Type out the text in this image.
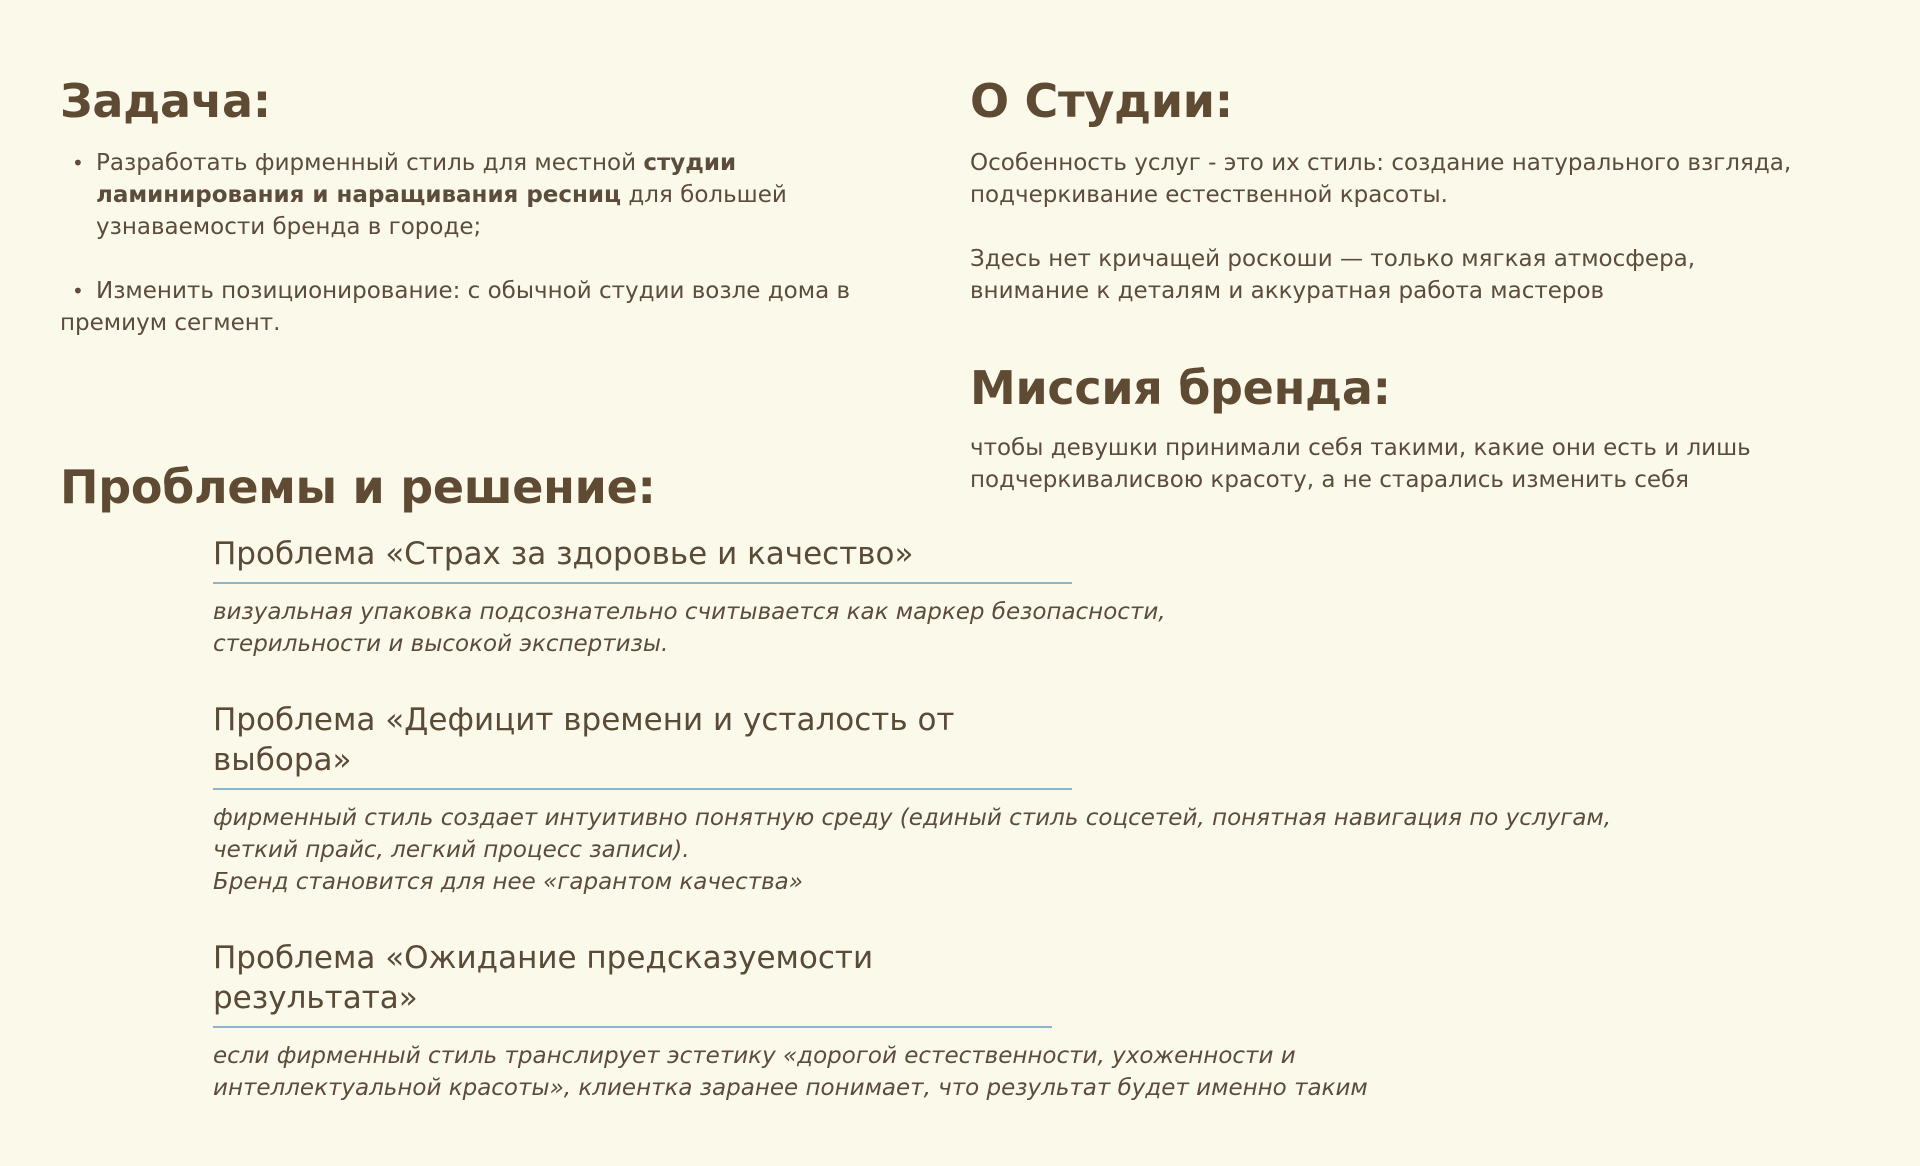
Задача:
• Разработать фирменный стиль для местной студии ламинирования и наращивания ресниц для большей узнаваемости бренда в городе;
• Изменить позиционирование: с обычной студии возле дома в премиум сегмент.
О Студии:

Особенность услуг - это их стиль: создание натурального взгляда, подчеркивание естественной красоты.

Здесь нет кричащей роскоши — только мягкая атмосфера, внимание к деталям и аккуратная работа мастеров

Миссия бренда:

чтобы девушки принимали себя такими, какие они есть и лишь подчеркивалисвою красоту, а не старались изменить себя

Проблемы и решение:
Проблема «Страх за здоровье и качество»
визуальная упаковка подсознательно считывается как маркер безопасности,
стерильности и высокой экспертизы.
Проблема «Дефицит времени и усталость от выбора»
фирменный стиль создает интуитивно понятную среду (единый стиль соцсетей, понятная навигация по услугам,
четкий прайс, легкий процесс записи).
Бренд становится для нее «гарантом качества»
Проблема «Ожидание предсказуемости результата»
если фирменный стиль транслирует эстетику «дорогой естественности, ухоженности и
интеллектуальной красоты», клиентка заранее понимает, что результат будет именно таким
